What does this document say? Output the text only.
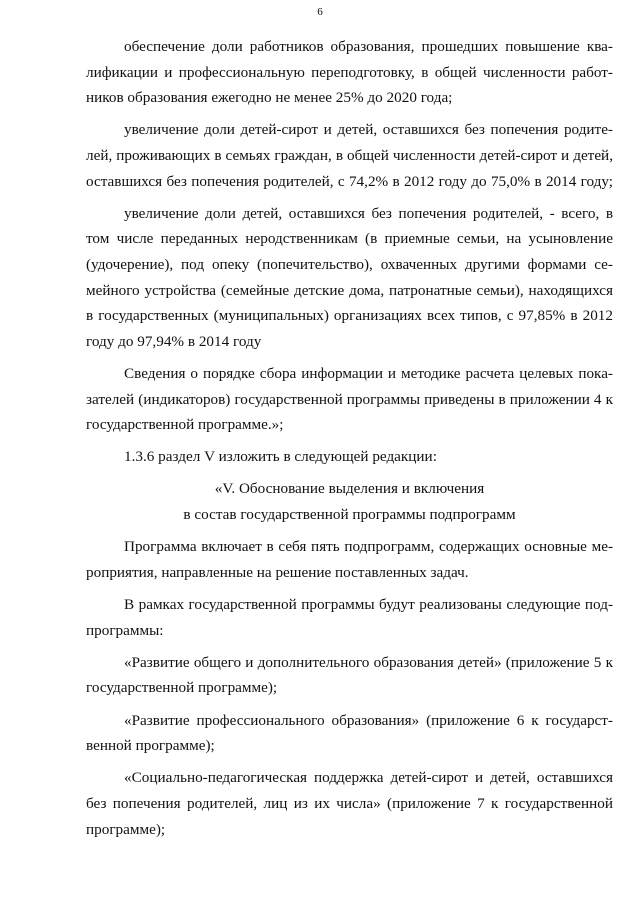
6
обеспечение доли работников образования, прошедших повышение ква-
лификации и профессиональную переподготовку, в общей численности работ-
ников образования ежегодно не менее 25% до 2020 года;
увеличение доли детей-сирот и детей, оставшихся без попечения родите-
лей, проживающих в семьях граждан, в общей численности детей-сирот и детей,
оставшихся без попечения родителей, с 74,2% в 2012 году до 75,0% в 2014 году;
увеличение доли детей, оставшихся без попечения родителей, - всего, в
том числе переданных неродственникам (в приемные семьи, на усыновление
(удочерение), под опеку (попечительство), охваченных другими формами се-
мейного устройства (семейные детские дома, патронатные семьи), находящихся
в государственных (муниципальных) организациях всех типов, с 97,85% в 2012
году до 97,94% в 2014 году
Сведения о порядке сбора информации и методике расчета целевых пока-
зателей (индикаторов) государственной программы приведены в приложении 4 к
государственной программе.»;
1.3.6 раздел V изложить в следующей редакции:
«V. Обоснование выделения и включения
в состав государственной программы подпрограмм
Программа включает в себя пять подпрограмм, содержащих основные ме-
роприятия, направленные на решение поставленных задач.
В рамках государственной программы будут реализованы следующие под-
программы:
«Развитие общего и дополнительного образования детей» (приложение 5 к
государственной программе);
«Развитие профессионального образования» (приложение 6 к государст-
венной программе);
«Социально-педагогическая поддержка детей-сирот и детей, оставшихся
без попечения родителей, лиц из их числа» (приложение 7 к государственной
программе);
